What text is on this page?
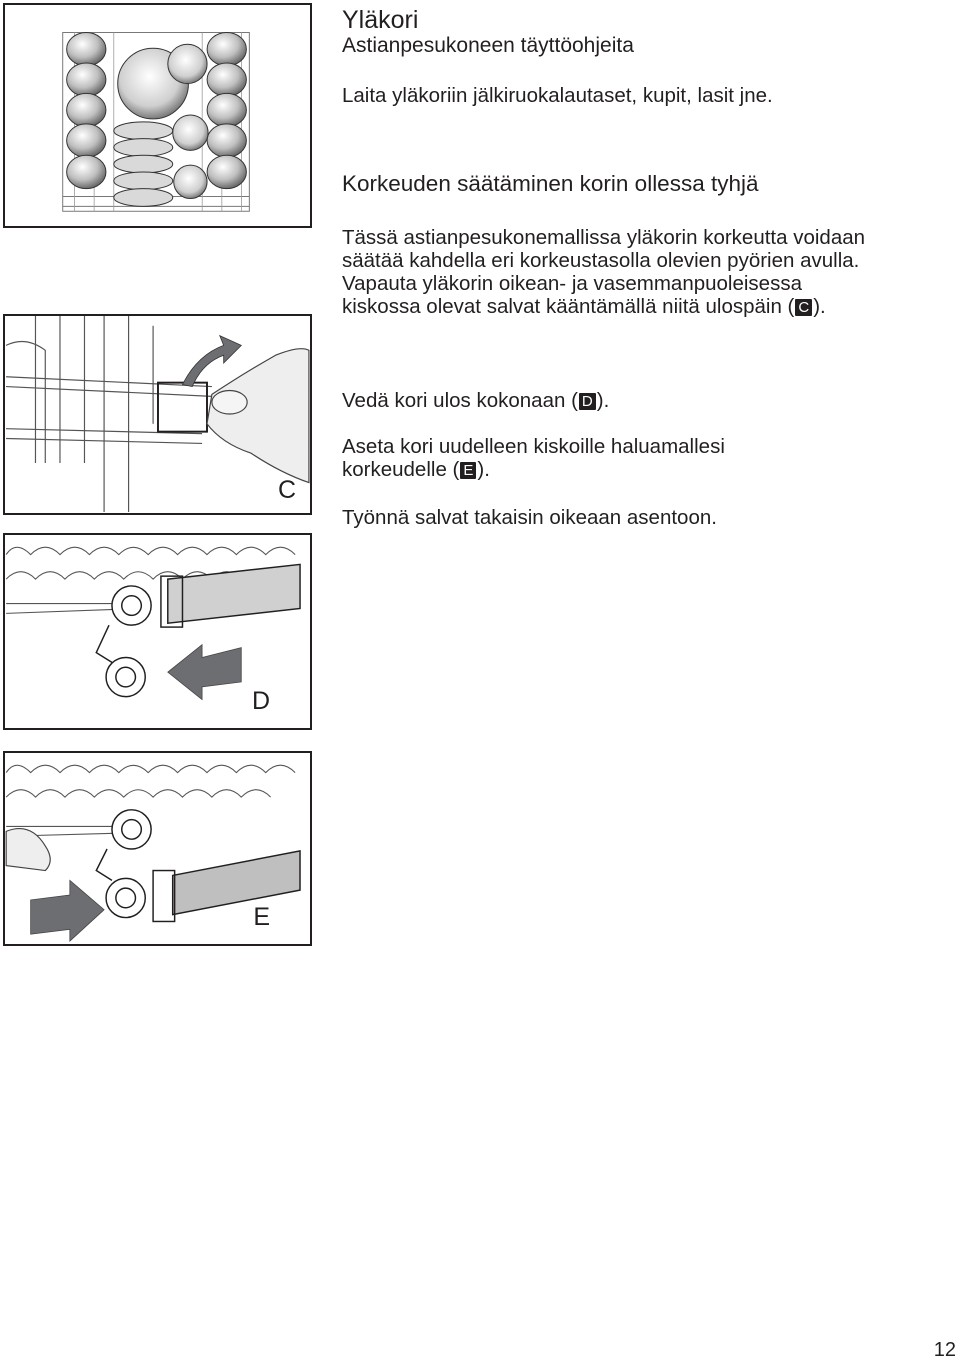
C
D
E
Yläkori
Astianpesukoneen täyttöohjeita
Laita yläkoriin jälkiruokalautaset, kupit, lasit jne.
Korkeuden säätäminen korin ollessa tyhjä
Tässä astianpesukonemallissa yläkorin korkeutta voidaan
säätää kahdella eri korkeustasolla olevien pyörien avulla.
Vapauta yläkorin oikean- ja vasemmanpuoleisessa
kiskossa olevat salvat kääntämällä niitä ulospäin ( C ).
Vedä kori ulos kokonaan ( D ).
Aseta kori uudelleen kiskoille haluamallesi
korkeudelle ( E ).
Työnnä salvat takaisin oikeaan asentoon.
12
